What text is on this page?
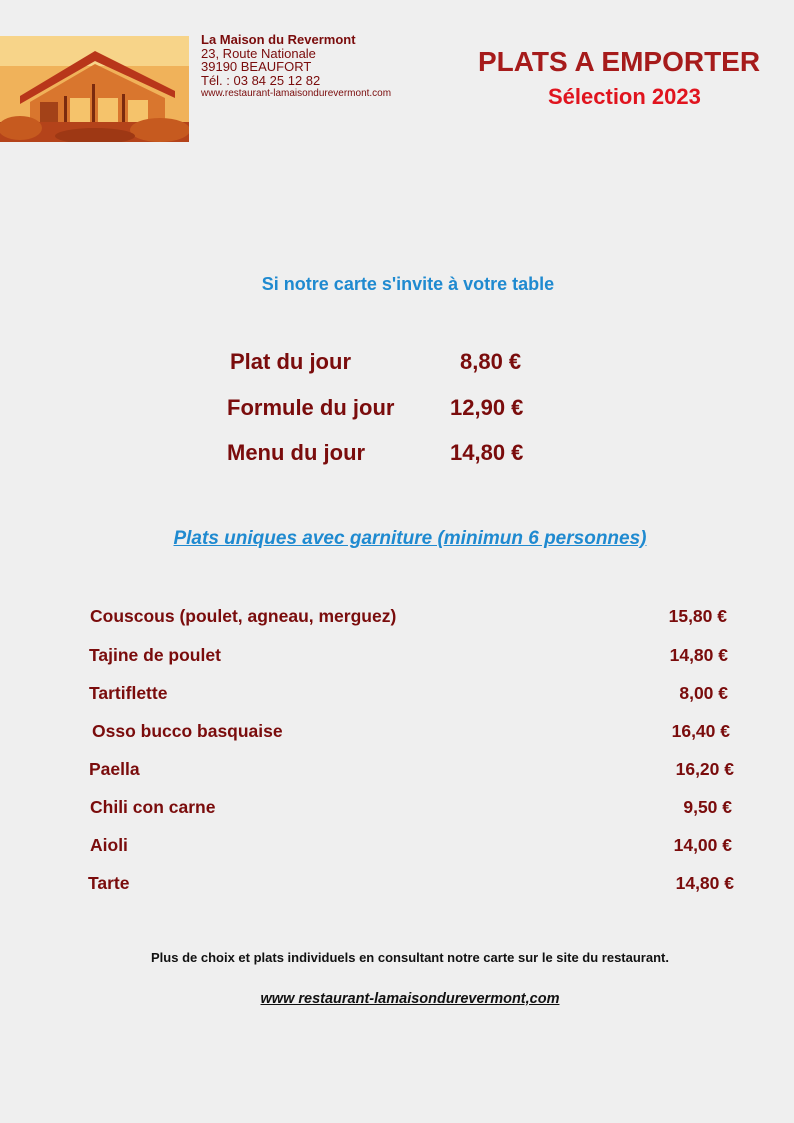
La Maison du Revermont
23, Route Nationale
39190 BEAUFORT
Tél. : 03 84 25 12 82
www.restaurant-lamaisondurevermont.com
PLATS A EMPORTER
Sélection 2023
Si notre carte s'invite à votre table
Plat du jour	8,80 €
Formule du jour	12,90 €
Menu du jour	14,80 €
Plats uniques avec garniture (minimun 6 personnes)
Couscous (poulet, agneau, merguez)	15,80 €
Tajine de poulet	14,80 €
Tartiflette	8,00 €
Osso bucco basquaise	16,40 €
Paella	16,20 €
Chili con carne	9,50 €
Aioli	14,00 €
Tarte	14,80 €
Plus de choix et plats individuels en consultant notre carte sur le site du restaurant.
www restaurant-lamaisondurevermont,com
